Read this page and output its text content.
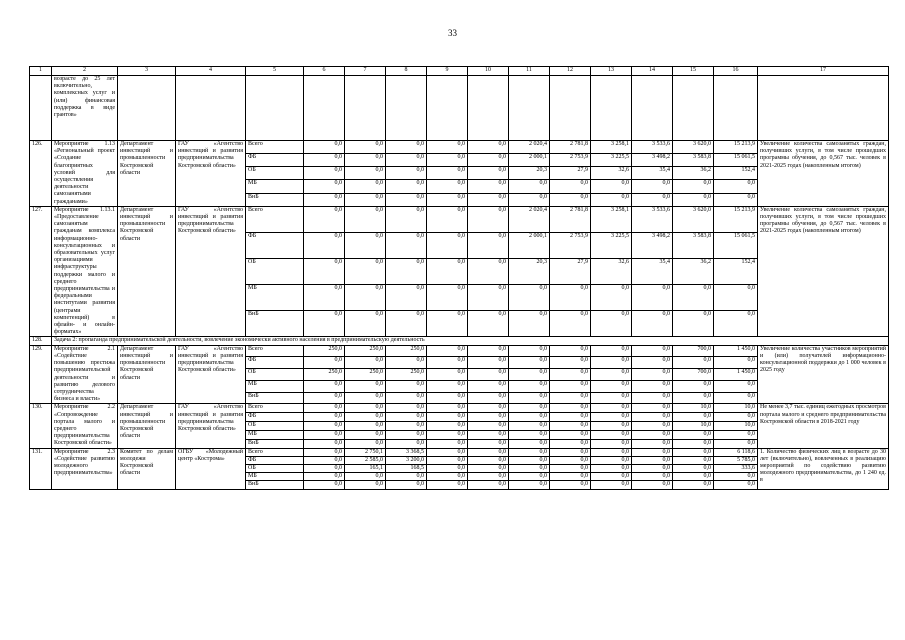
33
1	2	3	4	5	6	7	8	9	10	11	12	13	14	15	16	17
	возрасте до 25 лет включительно, комплексных услуг и (или) финансовая поддержка в виде грантов»															
126.	Мероприятие 1.13 «Региональный проект «Создание благоприятных условий для осуществления деятельности самозанятыми гражданами»	Департамент инвестиций и промышленности Костромской области	ГАУ «Агентство инвестиций и развития предпринимательства Костромской области»	Всего	0,0	0,0	0,0	0,0	0,0	2 020,4	2 781,8	3 258,1	3 533,6	3 620,0	15 213,9	Увеличение количества самозанятых граждан, получивших услуги, в том числе прошедших программы обучения, до 0,567 тыс. человек в 2021-2025 годах (накопленным итогом)
				ФБ	0,0	0,0	0,0	0,0	0,0	2 000,1	2 753,9	3 225,5	3 498,2	3 583,8	15 061,5	
				ОБ	0,0	0,0	0,0	0,0	0,0	20,3	27,9	32,6	35,4	36,2	152,4	
				МБ	0,0	0,0	0,0	0,0	0,0	0,0	0,0	0,0	0,0	0,0	0,0	
				ВнБ	0,0	0,0	0,0	0,0	0,0	0,0	0,0	0,0	0,0	0,0	0,0	
127.	Мероприятие 1.13.1 «Предоставление самозанятым гражданам комплекса информационно-консультационных и образовательных услуг организациями инфраструктуры поддержки малого и среднего предпринимательства и федеральными институтами развития (центрами компетенций) в офлайн- и онлайн-форматах»	Департамент инвестиций и промышленности Костромской области	ГАУ «Агентство инвестиций и развития предпринимательства Костромской области»	Всего	0,0	0,0	0,0	0,0	0,0	2 020,4	2 781,8	3 258,1	3 533,6	3 620,0	15 213,9	Увеличение количества самозанятых граждан, получивших услуги, в том числе прошедших программы обучения, до 0,567 тыс. человек в 2021-2025 годах (накопленным итогом)
				ФБ	0,0	0,0	0,0	0,0	0,0	2 000,1	2 753,9	3 225,5	3 498,2	3 583,8	15 061,5	
				ОБ	0,0	0,0	0,0	0,0	0,0	20,3	27,9	32,6	35,4	36,2	152,4	
				МБ	0,0	0,0	0,0	0,0	0,0	0,0	0,0	0,0	0,0	0,0	0,0	
				ВнБ	0,0	0,0	0,0	0,0	0,0	0,0	0,0	0,0	0,0	0,0	0,0	
128.	Задача 2: пропаганда предпринимательской деятельности, вовлечение экономически активного населения в предпринимательскую деятельность															
129.	Мероприятие 2.1 «Содействие повышению престижа предпринимательской деятельности и развитию делового сотрудничества бизнеса и власти»	Департамент инвестиций и промышленности Костромской области	ГАУ «Агентство инвестиций и развития предпринимательства Костромской области»	Всего	250,0	250,0	250,0	0,0	0,0	0,0	0,0	0,0	0,0	700,0	1 450,0	Увеличение количества участников мероприятий и (или) получателей информационно-консультационной поддержки до 1 000 человек в 2025 году
				ФБ	0,0	0,0	0,0	0,0	0,0	0,0	0,0	0,0	0,0	0,0	0,0	
				ОБ	250,0	250,0	250,0	0,0	0,0	0,0	0,0	0,0	0,0	700,0	1 450,0	
				МБ	0,0	0,0	0,0	0,0	0,0	0,0	0,0	0,0	0,0	0,0	0,0	
				ВнБ	0,0	0,0	0,0	0,0	0,0	0,0	0,0	0,0	0,0	0,0	0,0	
130.	Мероприятие 2.2 «Сопровождение портала малого и среднего предпринимательства Костромской области»	Департамент инвестиций и промышленности Костромской области	ГАУ «Агентство инвестиций и развития предпринимательства Костромской области»	Всего	0,0	0,0	0,0	0,0	0,0	0,0	0,0	0,0	0,0	10,0	10,0	Не менее 3,7 тыс. единиц ежегодных просмотров портала малого и среднего предпринимательства Костромской области в 2018-2021 году
				ФБ	0,0	0,0	0,0	0,0	0,0	0,0	0,0	0,0	0,0	0,0	0,0	
				ОБ	0,0	0,0	0,0	0,0	0,0	0,0	0,0	0,0	0,0	10,0	10,0	
				МБ	0,0	0,0	0,0	0,0	0,0	0,0	0,0	0,0	0,0	0,0	0,0	
				ВнБ	0,0	0,0	0,0	0,0	0,0	0,0	0,0	0,0	0,0	0,0	0,0	
131.	Мероприятие 2.3 «Содействие развитию молодежного предпринимательства»	Комитет по делам молодежи Костромской области	ОГБУ «Молодежный центр «Кострома»	Всего	0,0	2 750,1	3 368,5	0,0	0,0	0,0	0,0	0,0	0,0	0,0	6 118,6	1. Количество физических лиц в возрасте до 30 лет (включительно), вовлеченных в реализацию мероприятий по содействию развитию молодежного предпринимательства, до 1 240 ед. в
				ФБ	0,0	2 585,0	3 200,0	0,0	0,0	0,0	0,0	0,0	0,0	0,0	5 785,0	
				ОБ	0,0	165,1	168,5	0,0	0,0	0,0	0,0	0,0	0,0	0,0	333,6	
				МБ	0,0	0,0	0,0	0,0	0,0	0,0	0,0	0,0	0,0	0,0	0,0	
				ВнБ	0,0	0,0	0,0	0,0	0,0	0,0	0,0	0,0	0,0	0,0	0,0	
